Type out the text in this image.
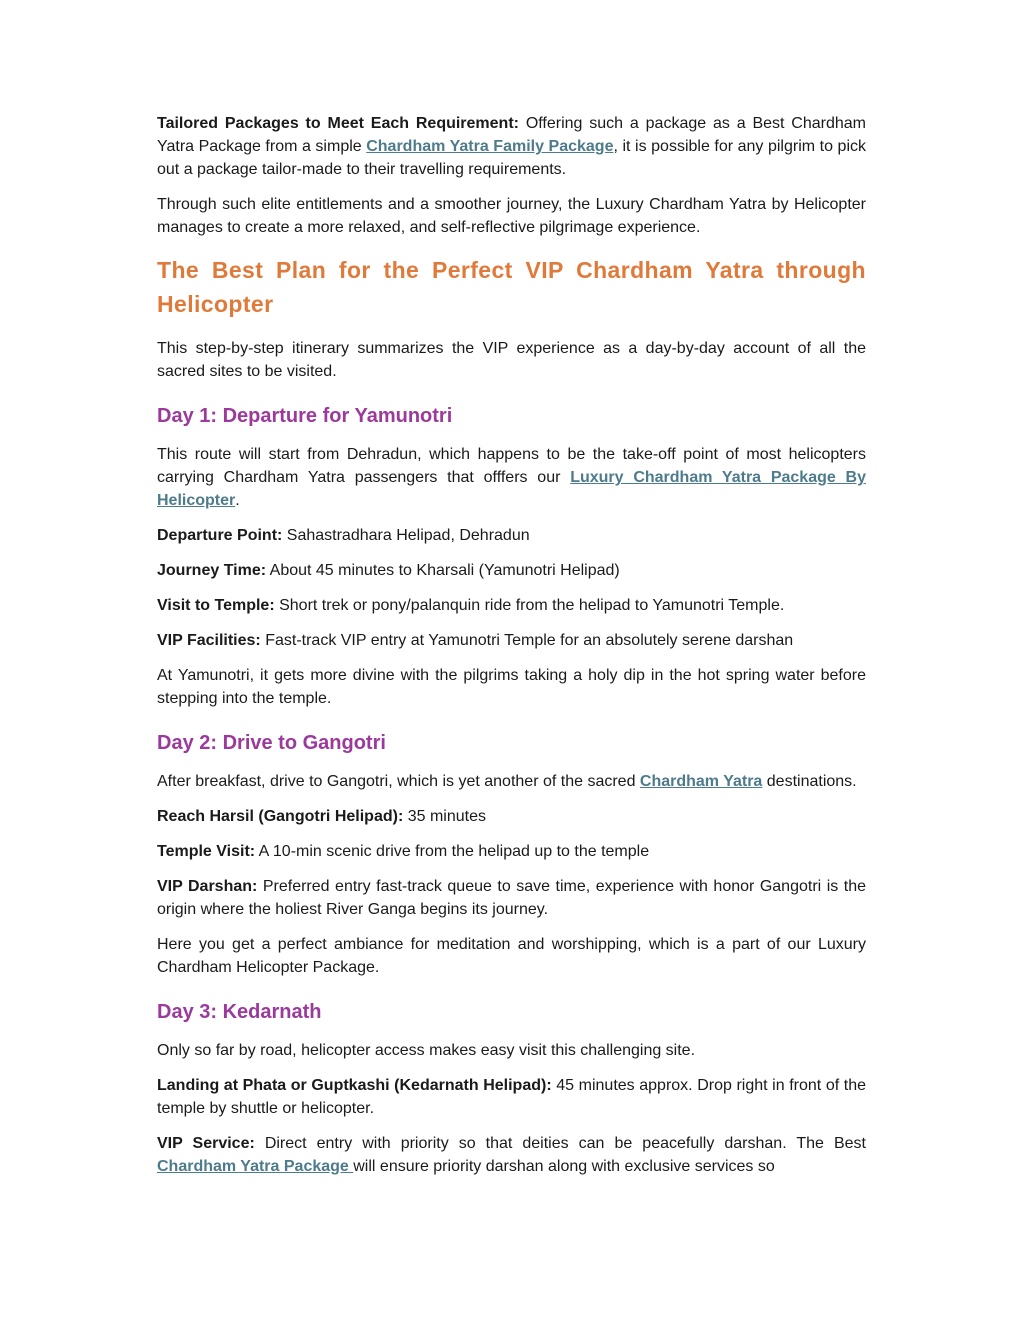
Tailored Packages to Meet Each Requirement: Offering such a package as a Best Chardham Yatra Package from a simple Chardham Yatra Family Package, it is possible for any pilgrim to pick out a package tailor-made to their travelling requirements.

Through such elite entitlements and a smoother journey, the Luxury Chardham Yatra by Helicopter manages to create a more relaxed, and self-reflective pilgrimage experience.

The Best Plan for the Perfect VIP Chardham Yatra through Helicopter

This step-by-step itinerary summarizes the VIP experience as a day-by-day account of all the sacred sites to be visited.

Day 1: Departure for Yamunotri

This route will start from Dehradun, which happens to be the take-off point of most helicopters carrying Chardham Yatra passengers that offfers our Luxury Chardham Yatra Package By Helicopter.

Departure Point: Sahastradhara Helipad, Dehradun

Journey Time: About 45 minutes to Kharsali (Yamunotri Helipad)

Visit to Temple: Short trek or pony/palanquin ride from the helipad to Yamunotri Temple.

VIP Facilities: Fast-track VIP entry at Yamunotri Temple for an absolutely serene darshan

At Yamunotri, it gets more divine with the pilgrims taking a holy dip in the hot spring water before stepping into the temple.

Day 2: Drive to Gangotri

After breakfast, drive to Gangotri, which is yet another of the sacred Chardham Yatra destinations.

Reach Harsil (Gangotri Helipad): 35 minutes

Temple Visit: A 10-min scenic drive from the helipad up to the temple

VIP Darshan: Preferred entry fast-track queue to save time, experience with honor Gangotri is the origin where the holiest River Ganga begins its journey.

Here you get a perfect ambiance for meditation and worshipping, which is a part of our Luxury Chardham Helicopter Package.

Day 3: Kedarnath

Only so far by road, helicopter access makes easy visit this challenging site.

Landing at Phata or Guptkashi (Kedarnath Helipad): 45 minutes approx. Drop right in front of the temple by shuttle or helicopter.

VIP Service: Direct entry with priority so that deities can be peacefully darshan. The Best Chardham Yatra Package will ensure priority darshan along with exclusive services so
